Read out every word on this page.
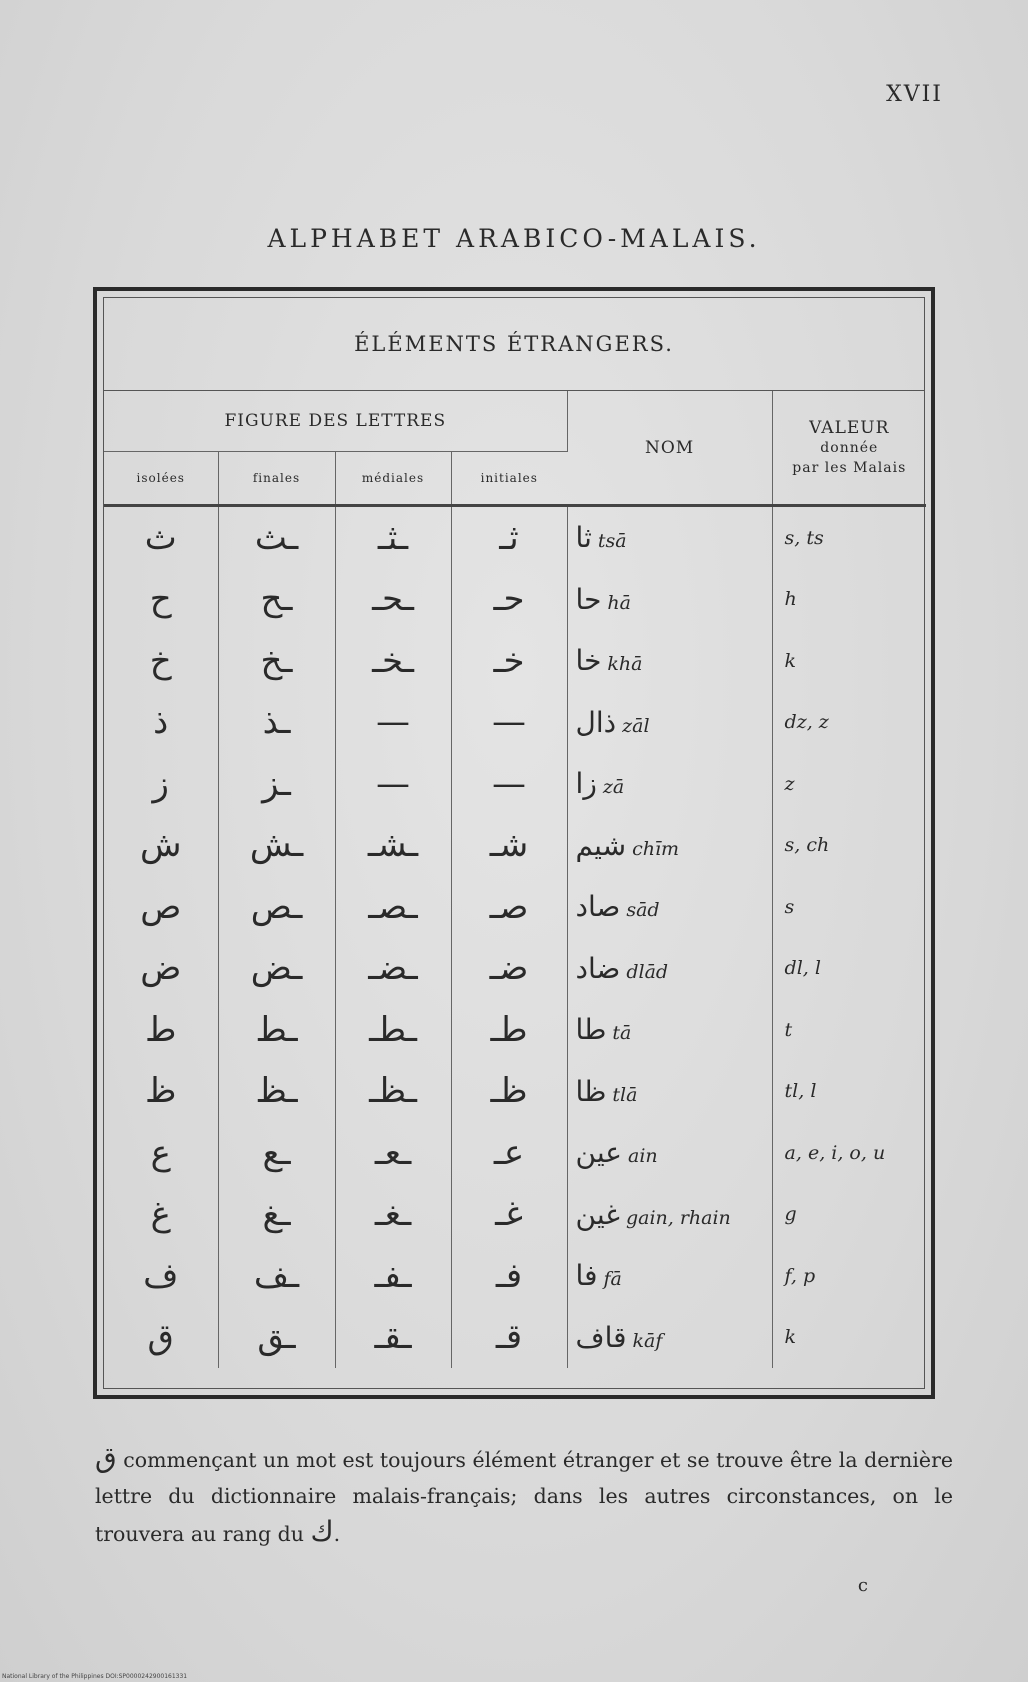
XVII
ALPHABET ARABICO-MALAIS.
ÉLÉMENTS ÉTRANGERS.
FIGURE DES LETTRES				NOM	VALEUR
donnée
par les Malais

isolées	finales	médiales	initiales		
ث	ـث	ـثـ	ثـ	ثا tsā	s, ts
ح	ـح	ـحـ	حـ	حا hā	h
خ	ـخ	ـخـ	خـ	خا khā	k
ذ	ـذ	—	—	ذال zāl	dz, z
ز	ـز	—	—	زا zā	z
ش	ـش	ـشـ	شـ	شيم chīm	s, ch
ص	ـص	ـصـ	صـ	صاد sād	s
ض	ـض	ـضـ	ضـ	ضاد dlād	dl, l
ط	ـط	ـطـ	طـ	طا tā	t
ظ	ـظ	ـظـ	ظـ	ظا tlā	tl, l
ع	ـع	ـعـ	عـ	عين ain	a, e, i, o, u
غ	ـغ	ـغـ	غـ	غين gain, rhain	g
ف	ـف	ـفـ	فـ	فا fā	f, p
ق	ـق	ـقـ	قـ	قاف kāf	k
ق commençant un mot est toujours élément étranger et se trouve être la dernière lettre du dictionnaire malais-français; dans les autres circonstances, on le trouvera au rang du ك.
c
National Library of the Philippines DOI:SP0000242900161331
